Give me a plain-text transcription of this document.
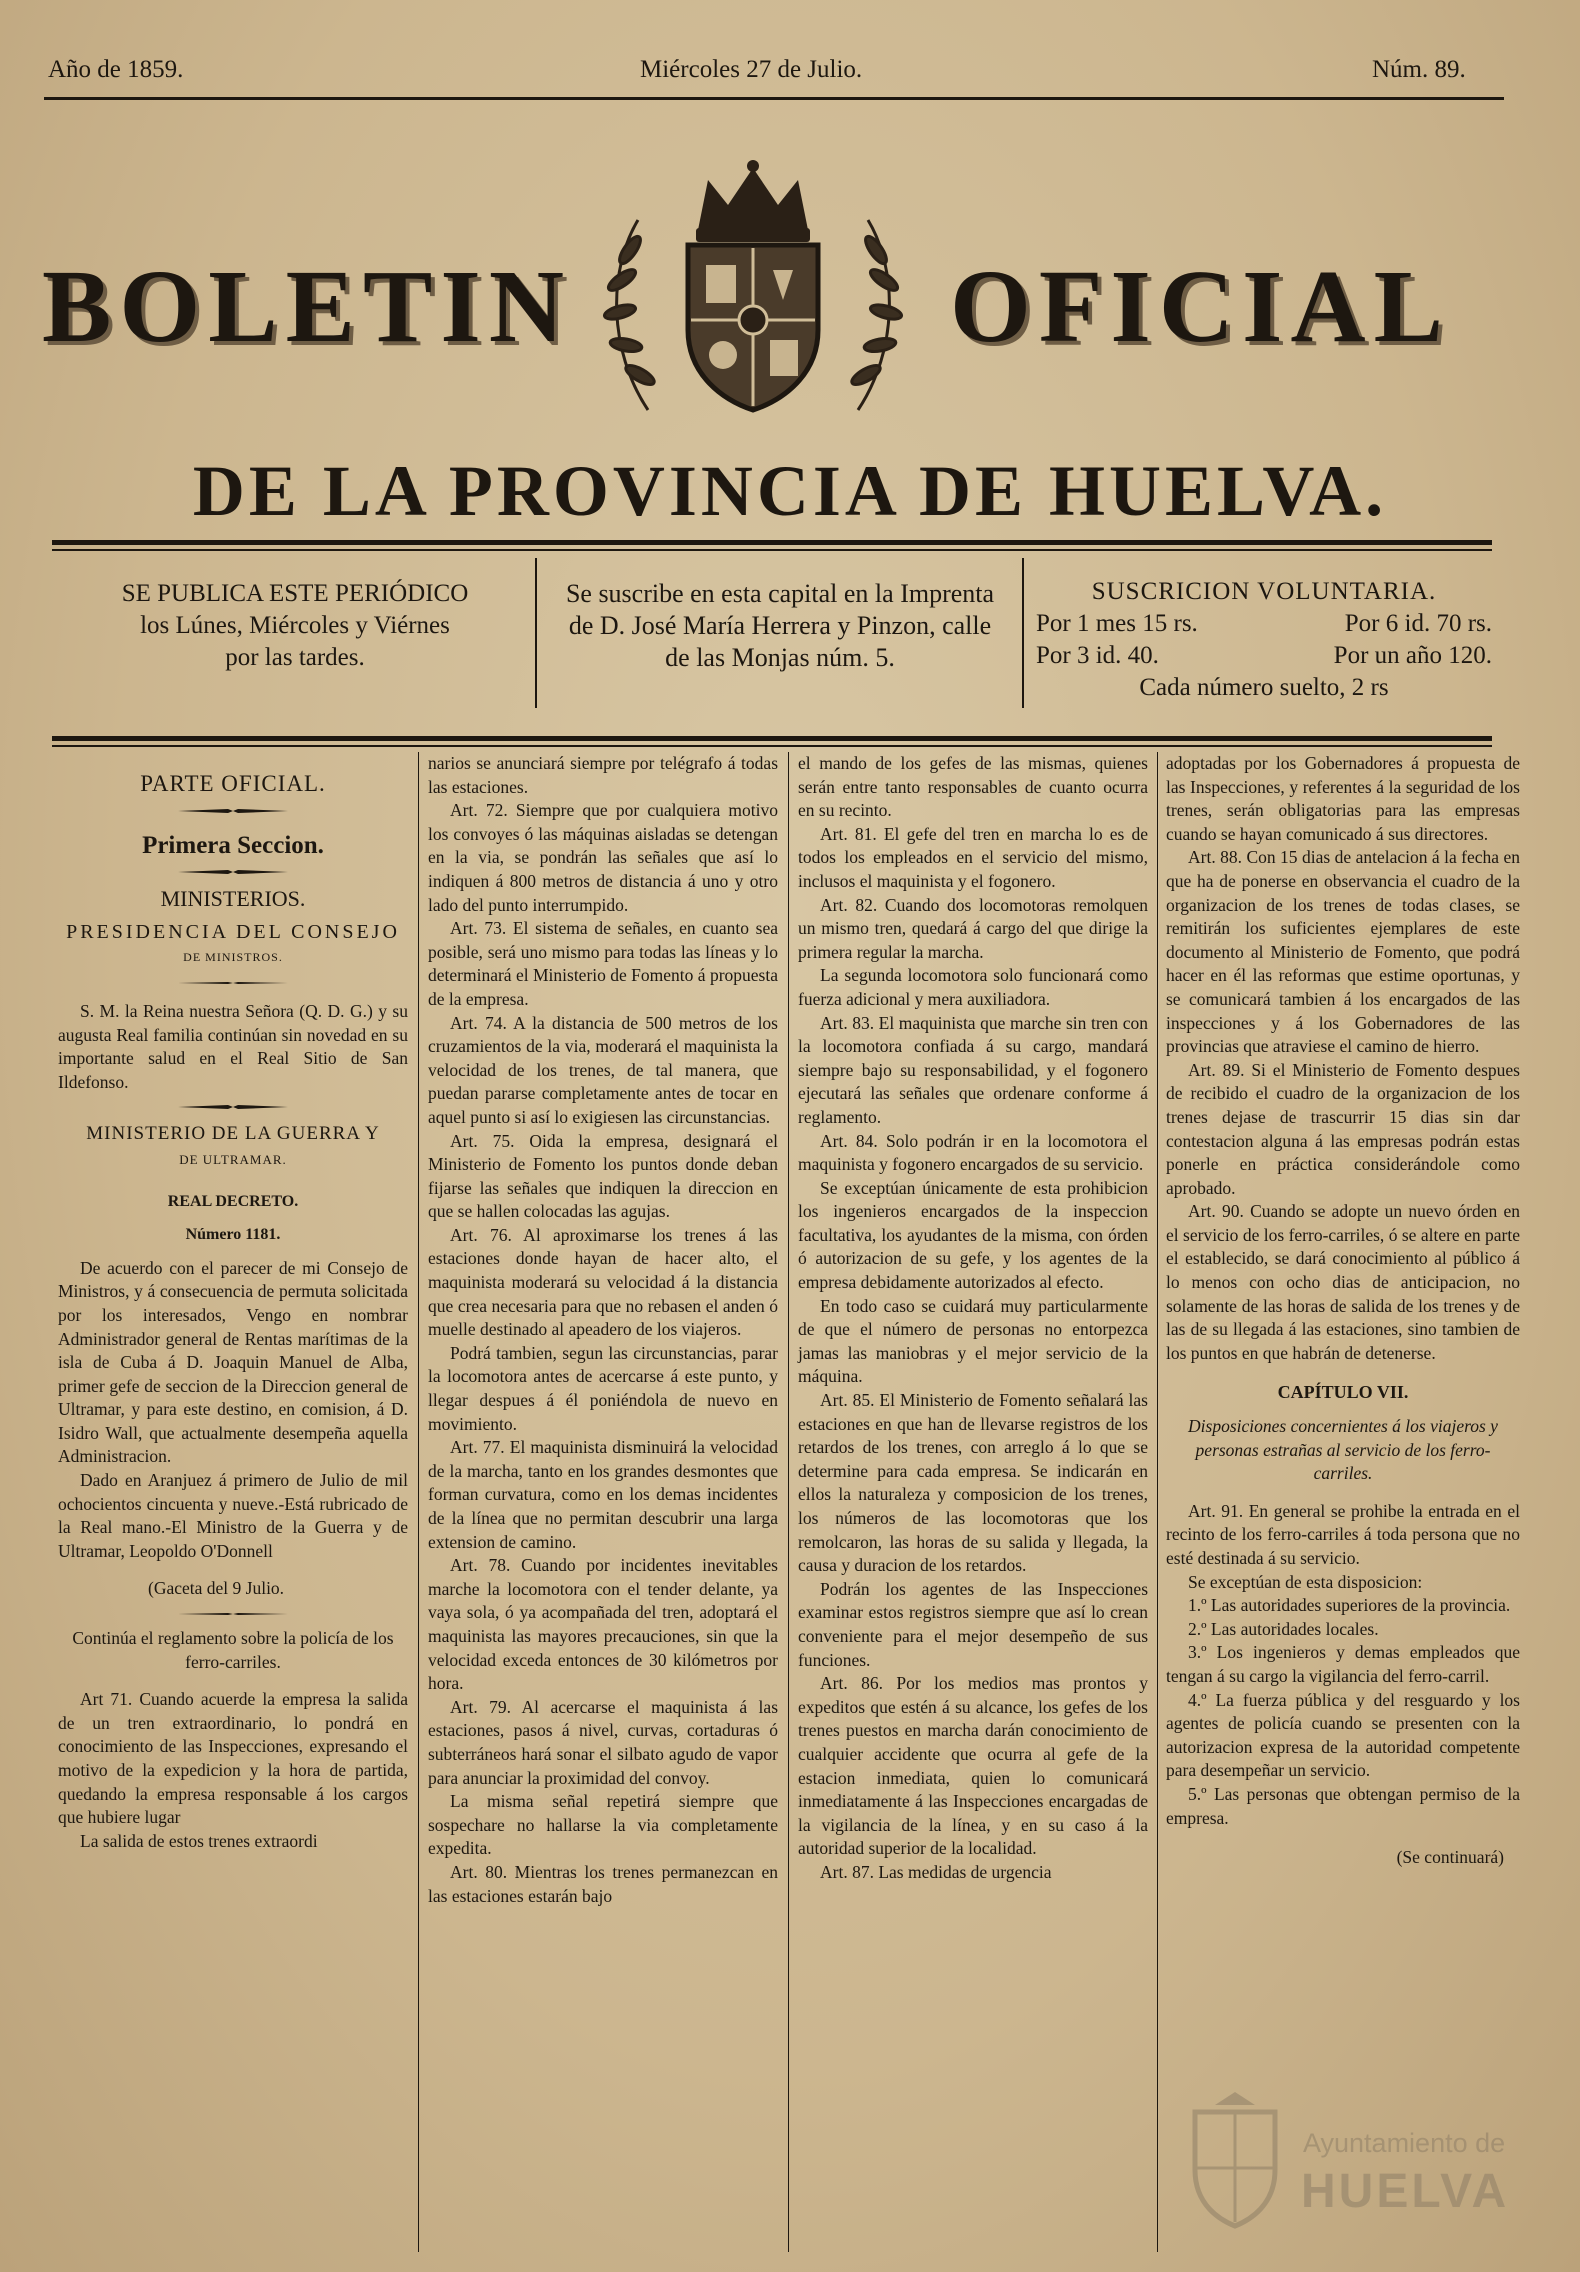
Año de 1859.	Miércoles 27 de Julio.	Núm. 89.
BOLETIN	OFICIAL
DE LA PROVINCIA DE HUELVA.
SE PUBLICA ESTE PERIÓDICO
los Lúnes, Miércoles y Viérnes
por las tardes.
Se suscribe en esta capital en la Imprenta
de D. José María Herrera y Pinzon, calle
de las Monjas núm. 5.
SUSCRICION VOLUNTARIA.
Por 1 mes 15 rs.	Por 6 id. 70 rs.
Por 3 id. 40.	Por un año 120.
Cada número suelto, 2 rs

PARTE OFICIAL.

Primera Seccion.

MINISTERIOS.

PRESIDENCIA DEL CONSEJO

DE MINISTROS.

S. M. la Reina nuestra Señora (Q. D. G.) y su augusta Real familia continúan sin novedad en su importante salud en el Real Sitio de San Ildefonso.

MINISTERIO DE LA GUERRA Y

DE ULTRAMAR.

REAL DECRETO.

Número 1181.

De acuerdo con el parecer de mi Consejo de Ministros, y á consecuencia de permuta solicitada por los interesados, Vengo en nombrar Administrador general de Rentas marítimas de la isla de Cuba á D. Joaquin Manuel de Alba, primer gefe de seccion de la Direccion general de Ultramar, y para este destino, en comision, á D. Isidro Wall, que actualmente desempeña aquella Administracion.

Dado en Aranjuez á primero de Julio de mil ochocientos cincuenta y nueve.-Está rubricado de la Real mano.-El Ministro de la Guerra y de Ultramar, Leopoldo O'Donnell

(Gaceta del 9 Julio.

Continúa el reglamento sobre la policía de los ferro-carriles.

Art 71. Cuando acuerde la empresa la salida de un tren extraordinario, lo pondrá en conocimiento de las Inspecciones, expresando el motivo de la expedicion y la hora de partida, quedando la empresa responsable á los cargos que hubiere lugar

La salida de estos trenes extraordi

narios se anunciará siempre por telégrafo á todas las estaciones.

Art. 72. Siempre que por cualquiera motivo los convoyes ó las máquinas aisladas se detengan en la via, se pondrán las señales que así lo indiquen á 800 metros de distancia á uno y otro lado del punto interrumpido.

Art. 73. El sistema de señales, en cuanto sea posible, será uno mismo para todas las líneas y lo determinará el Ministerio de Fomento á propuesta de la empresa.

Art. 74. A la distancia de 500 metros de los cruzamientos de la via, moderará el maquinista la velocidad de los trenes, de tal manera, que puedan pararse completamente antes de tocar en aquel punto si así lo exigiesen las circunstancias.

Art. 75. Oida la empresa, designará el Ministerio de Fomento los puntos donde deban fijarse las señales que indiquen la direccion en que se hallen colocadas las agujas.

Art. 76. Al aproximarse los trenes á las estaciones donde hayan de hacer alto, el maquinista moderará su velocidad á la distancia que crea necesaria para que no rebasen el anden ó muelle destinado al apeadero de los viajeros.

Podrá tambien, segun las circunstancias, parar la locomotora antes de acercarse á este punto, y llegar despues á él poniéndola de nuevo en movimiento.

Art. 77. El maquinista disminuirá la velocidad de la marcha, tanto en los grandes desmontes que forman curvatura, como en los demas incidentes de la línea que no permitan descubrir una larga extension de camino.

Art. 78. Cuando por incidentes inevitables marche la locomotora con el tender delante, ya vaya sola, ó ya acompañada del tren, adoptará el maquinista las mayores precauciones, sin que la velocidad exceda entonces de 30 kilómetros por hora.

Art. 79. Al acercarse el maquinista á las estaciones, pasos á nivel, curvas, cortaduras ó subterráneos hará sonar el silbato agudo de vapor para anunciar la proximidad del convoy.

La misma señal repetirá siempre que sospechare no hallarse la via completamente expedita.

Art. 80. Mientras los trenes permanezcan en las estaciones estarán bajo

el mando de los gefes de las mismas, quienes serán entre tanto responsables de cuanto ocurra en su recinto.

Art. 81. El gefe del tren en marcha lo es de todos los empleados en el servicio del mismo, inclusos el maquinista y el fogonero.

Art. 82. Cuando dos locomotoras remolquen un mismo tren, quedará á cargo del que dirige la primera regular la marcha.

La segunda locomotora solo funcionará como fuerza adicional y mera auxiliadora.

Art. 83. El maquinista que marche sin tren con la locomotora confiada á su cargo, mandará siempre bajo su responsabilidad, y el fogonero ejecutará las señales que ordenare conforme á reglamento.

Art. 84. Solo podrán ir en la locomotora el maquinista y fogonero encargados de su servicio.

Se exceptúan únicamente de esta prohibicion los ingenieros encargados de la inspeccion facultativa, los ayudantes de la misma, con órden ó autorizacion de su gefe, y los agentes de la empresa debidamente autorizados al efecto.

En todo caso se cuidará muy particularmente de que el número de personas no entorpezca jamas las maniobras y el mejor servicio de la máquina.

Art. 85. El Ministerio de Fomento señalará las estaciones en que han de llevarse registros de los retardos de los trenes, con arreglo á lo que se determine para cada empresa. Se indicarán en ellos la naturaleza y composicion de los trenes, los números de las locomotoras que los remolcaron, las horas de su salida y llegada, la causa y duracion de los retardos.

Podrán los agentes de las Inspecciones examinar estos registros siempre que así lo crean conveniente para el mejor desempeño de sus funciones.

Art. 86. Por los medios mas prontos y expeditos que estén á su alcance, los gefes de los trenes puestos en marcha darán conocimiento de cualquier accidente que ocurra al gefe de la estacion inmediata, quien lo comunicará inmediatamente á las Inspecciones encargadas de la vigilancia de la línea, y en su caso á la autoridad superior de la localidad.

Art. 87. Las medidas de urgencia

adoptadas por los Gobernadores á propuesta de las Inspecciones, y referentes á la seguridad de los trenes, serán obligatorias para las empresas cuando se hayan comunicado á sus directores.

Art. 88. Con 15 dias de antelacion á la fecha en que ha de ponerse en observancia el cuadro de la organizacion de los trenes de todas clases, se remitirán los suficientes ejemplares de este documento al Ministerio de Fomento, que podrá hacer en él las reformas que estime oportunas, y se comunicará tambien á los encargados de las inspecciones y á los Gobernadores de las provincias que atraviese el camino de hierro.

Art. 89. Si el Ministerio de Fomento despues de recibido el cuadro de la organizacion de los trenes dejase de trascurrir 15 dias sin dar contestacion alguna á las empresas podrán estas ponerle en práctica considerándole como aprobado.

Art. 90. Cuando se adopte un nuevo órden en el servicio de los ferro-carriles, ó se altere en parte el establecido, se dará conocimiento al público á lo menos con ocho dias de anticipacion, no solamente de las horas de salida de los trenes y de las de su llegada á las estaciones, sino tambien de los puntos en que habrán de detenerse.

CAPÍTULO VII.

Disposiciones concernientes á los viajeros y personas estrañas al servicio de los ferro-carriles.

Art. 91. En general se prohibe la entrada en el recinto de los ferro-carriles á toda persona que no esté destinada á su servicio.

Se exceptúan de esta disposicion:

1.º Las autoridades superiores de la provincia.

2.º Las autoridades locales.

3.º Los ingenieros y demas empleados que tengan á su cargo la vigilancia del ferro-carril.

4.º La fuerza pública y del resguardo y los agentes de policía cuando se presenten con la autorizacion expresa de la autoridad competente para desempeñar un servicio.

5.º Las personas que obtengan permiso de la empresa.

(Se continuará)

Ayuntamiento de
HUELVA
